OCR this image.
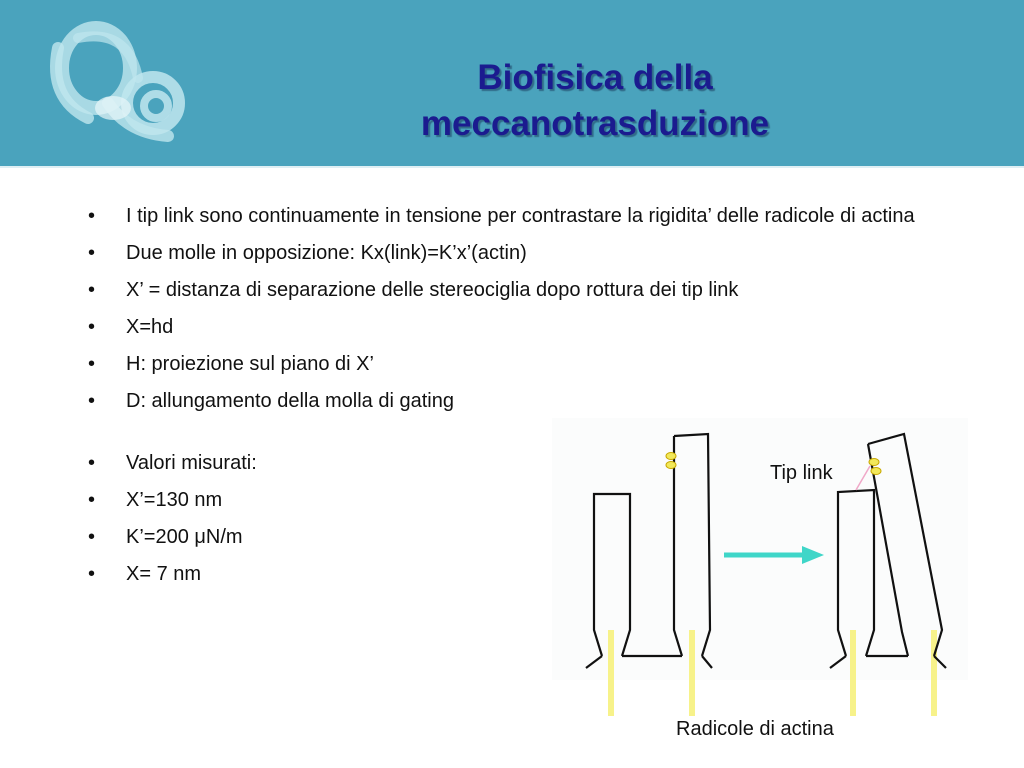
Biofisica della
meccanotrasduzione
• I tip link sono continuamente in tensione per contrastare la rigidita’ delle radicole di actina
• Due molle in opposizione: Kx(link)=K’x’(actin)
• X’ = distanza di separazione delle stereociglia dopo rottura dei tip link
• X=hd
• H: proiezione sul piano di X’
• D: allungamento della molla di gating
• Valori misurati:
• X’=130 nm
• K’=200 μN/m
• X= 7 nm
Tip link
Radicole di actina
